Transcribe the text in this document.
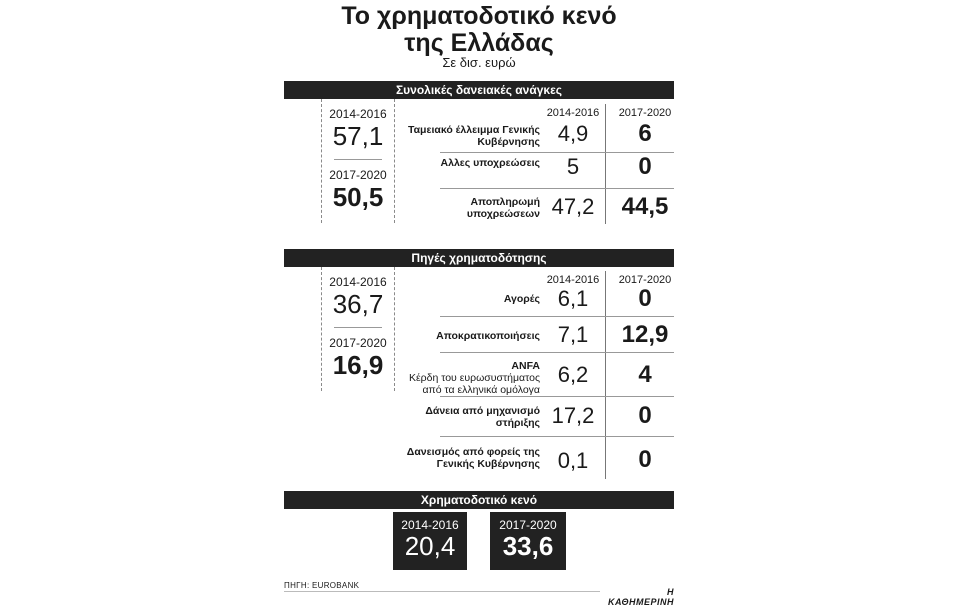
Το χρηματοδοτικό κενό
της Ελλάδας
Σε δισ. ευρώ
Συνολικές δανειακές ανάγκες
2014-2016
57,1
2017-2020
50,5
2014-2016	2017-2020
Ταμειακό έλλειμμα Γενικής Κυβέρνησης 4,9	6
Αλλες υποχρεώσεις	5	0
Αποπληρωμή υποχρεώσεων 47,2	44,5
Πηγές χρηματοδότησης
2014-2016
36,7
2017-2020
16,9
2014-2016	2017-2020
Αγορές 6,1	0
Αποκρατικοποιήσεις 7,1	12,9
ΑΝFA
Κέρδη του ευρωσυστήματος από τα ελληνικά ομόλογα
6,2	4
Δάνεια από μηχανισμό στήριξης 17,2	0
Δανεισμός από φορείς της Γενικής Κυβέρνησης 0,1	0
Χρηματοδοτικό κενό
2014-2016
20,4
2017-2020
33,6
ΠΗΓΗ: EUROBANK
Η ΚΑΘΗΜΕΡΙΝΗ
